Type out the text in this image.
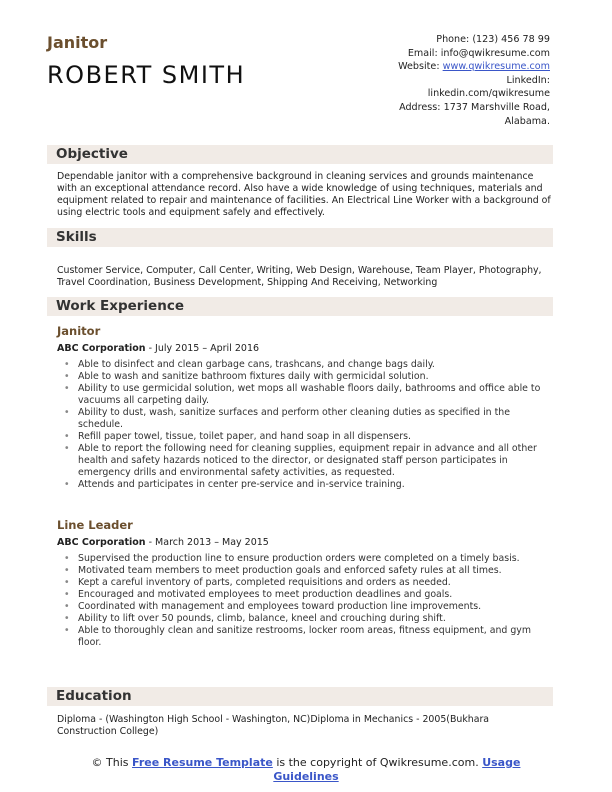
Janitor
ROBERT SMITH
Phone: (123) 456 78 99
Email: info@qwikresume.com
Website: www.qwikresume.com
LinkedIn:
linkedin.com/qwikresume
Address: 1737 Marshville Road,
Alabama.
Objective
Dependable janitor with a comprehensive background in cleaning services and grounds maintenance with an exceptional attendance record. Also have a wide knowledge of using techniques, materials and equipment related to repair and maintenance of facilities. An Electrical Line Worker with a background of using electric tools and equipment safely and effectively.
Skills
Customer Service, Computer, Call Center, Writing, Web Design, Warehouse, Team Player, Photography, Travel Coordination, Business Development, Shipping And Receiving, Networking
Work Experience
Janitor
ABC Corporation - July 2015 – April 2016
• Able to disinfect and clean garbage cans, trashcans, and change bags daily.
• Able to wash and sanitize bathroom fixtures daily with germicidal solution.
• Ability to use germicidal solution, wet mops all washable floors daily, bathrooms and office able to vacuums all carpeting daily.
• Ability to dust, wash, sanitize surfaces and perform other cleaning duties as specified in the schedule.
• Refill paper towel, tissue, toilet paper, and hand soap in all dispensers.
• Able to report the following need for cleaning supplies, equipment repair in advance and all other health and safety hazards noticed to the director, or designated staff person participates in emergency drills and environmental safety activities, as requested.
• Attends and participates in center pre-service and in-service training.
Line Leader
ABC Corporation - March 2013 – May 2015
• Supervised the production line to ensure production orders were completed on a timely basis.
• Motivated team members to meet production goals and enforced safety rules at all times.
• Kept a careful inventory of parts, completed requisitions and orders as needed.
• Encouraged and motivated employees to meet production deadlines and goals.
• Coordinated with management and employees toward production line improvements.
• Ability to lift over 50 pounds, climb, balance, kneel and crouching during shift.
• Able to thoroughly clean and sanitize restrooms, locker room areas, fitness equipment, and gym floor.
Education
Diploma - (Washington High School - Washington, NC)Diploma in Mechanics - 2005(Bukhara Construction College)
© This Free Resume Template is the copyright of Qwikresume.com. Usage Guidelines
